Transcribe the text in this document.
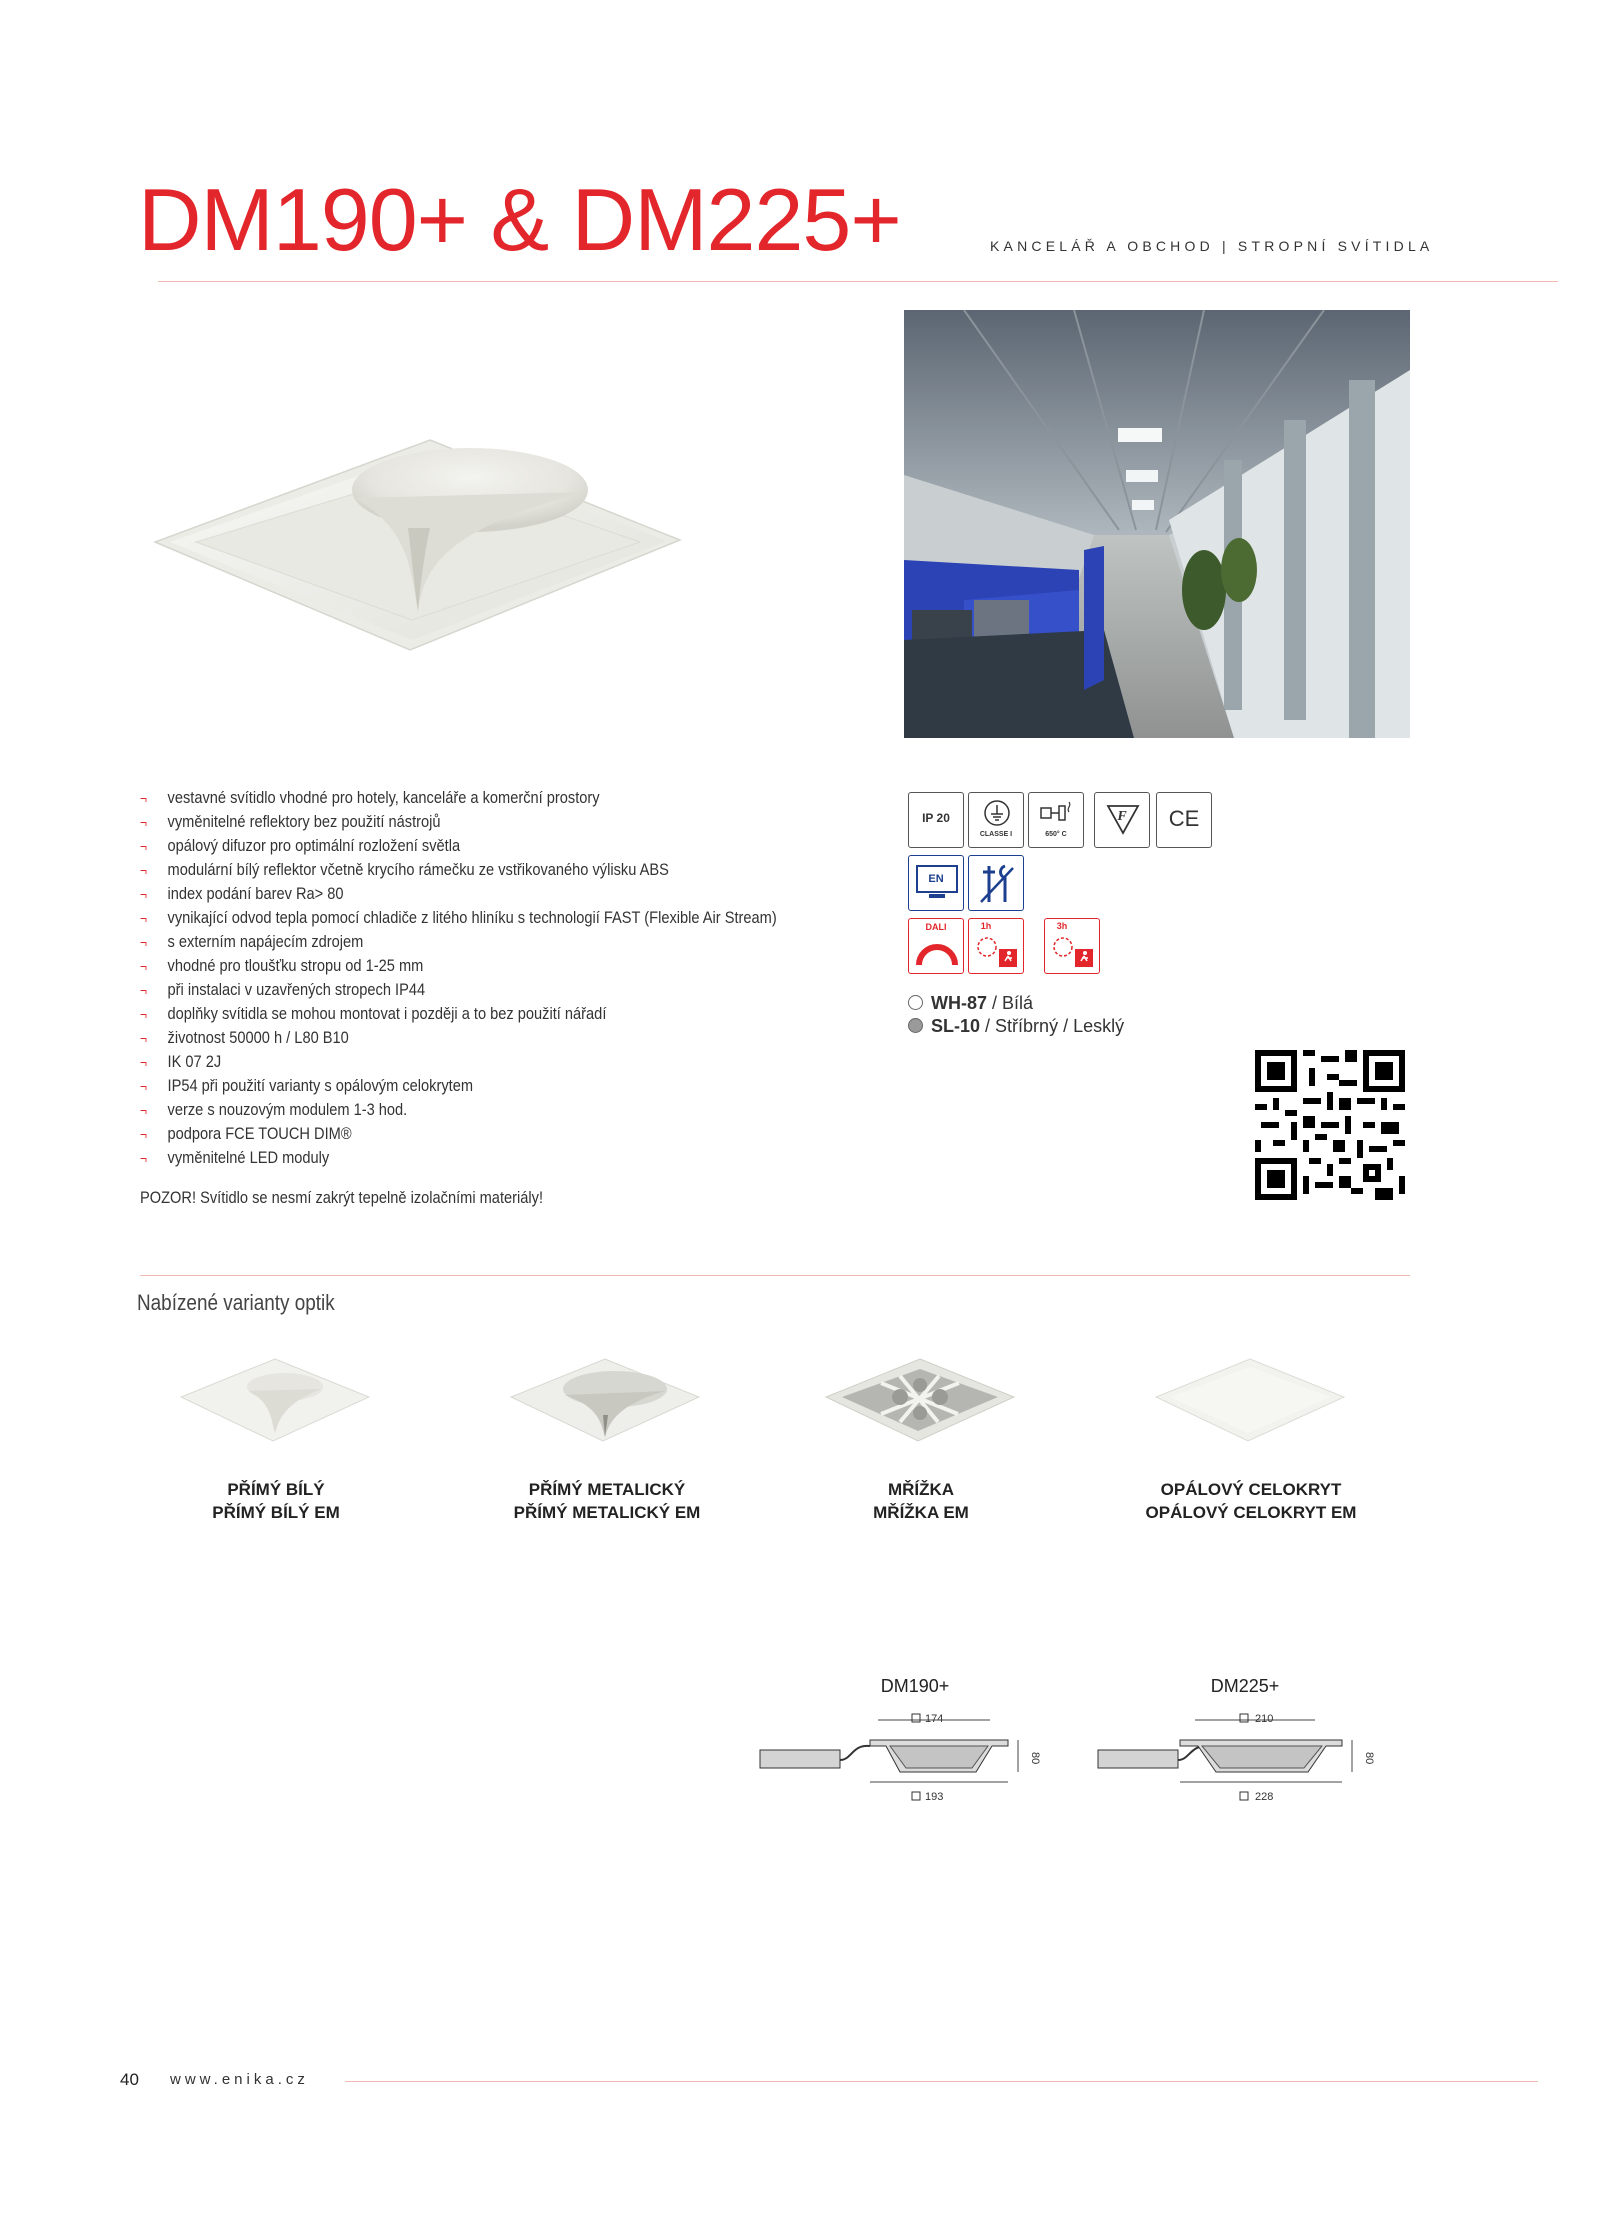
DM190+ & DM225+	KANCELÁŘ A OBCHOD | STROPNÍ SVÍTIDLA
¬ vestavné svítidlo vhodné pro hotely, kanceláře a komerční prostory
¬ vyměnitelné reflektory bez použití nástrojů
¬ opálový difuzor pro optimální rozložení světla
¬ modulární bílý reflektor včetně krycího rámečku ze vstřikovaného výlisku ABS
¬ index podání barev Ra> 80
¬ vynikající odvod tepla pomocí chladiče z litého hliníku s technologií FAST (Flexible Air Stream)
¬ s externím napájecím zdrojem
¬ vhodné pro tloušťku stropu od 1-25 mm
¬ při instalaci v uzavřených stropech IP44
¬ doplňky svítidla se mohou montovat i později a to bez použití nářadí
¬ životnost 50000 h / L80 B10
¬ IK 07 2J
¬ IP54 při použití varianty s opálovým celokrytem
¬ verze s nouzovým modulem 1-3 hod.
¬ podpora FCE TOUCH DIM®
¬ vyměnitelné LED moduly
POZOR! Svítidlo se nesmí zakrýt tepelně izolačními materiály!
IP 20
CLASSE I	650° C
F	CE
EN
DALI	1h	3h
WH-87 / Bílá
SL-10 / Stříbrný / Lesklý
Nabízené varianty optik
PŘÍMÝ BÍLÝ
PŘÍMÝ BÍLÝ EM
PŘÍMÝ METALICKÝ
PŘÍMÝ METALICKÝ EM
MŘÍŽKA
MŘÍŽKA EM
OPÁLOVÝ CELOKRYT
OPÁLOVÝ CELOKRYT EM
DM190+
174
80
193
DM225+
210
80
228
40 www.enika.cz
